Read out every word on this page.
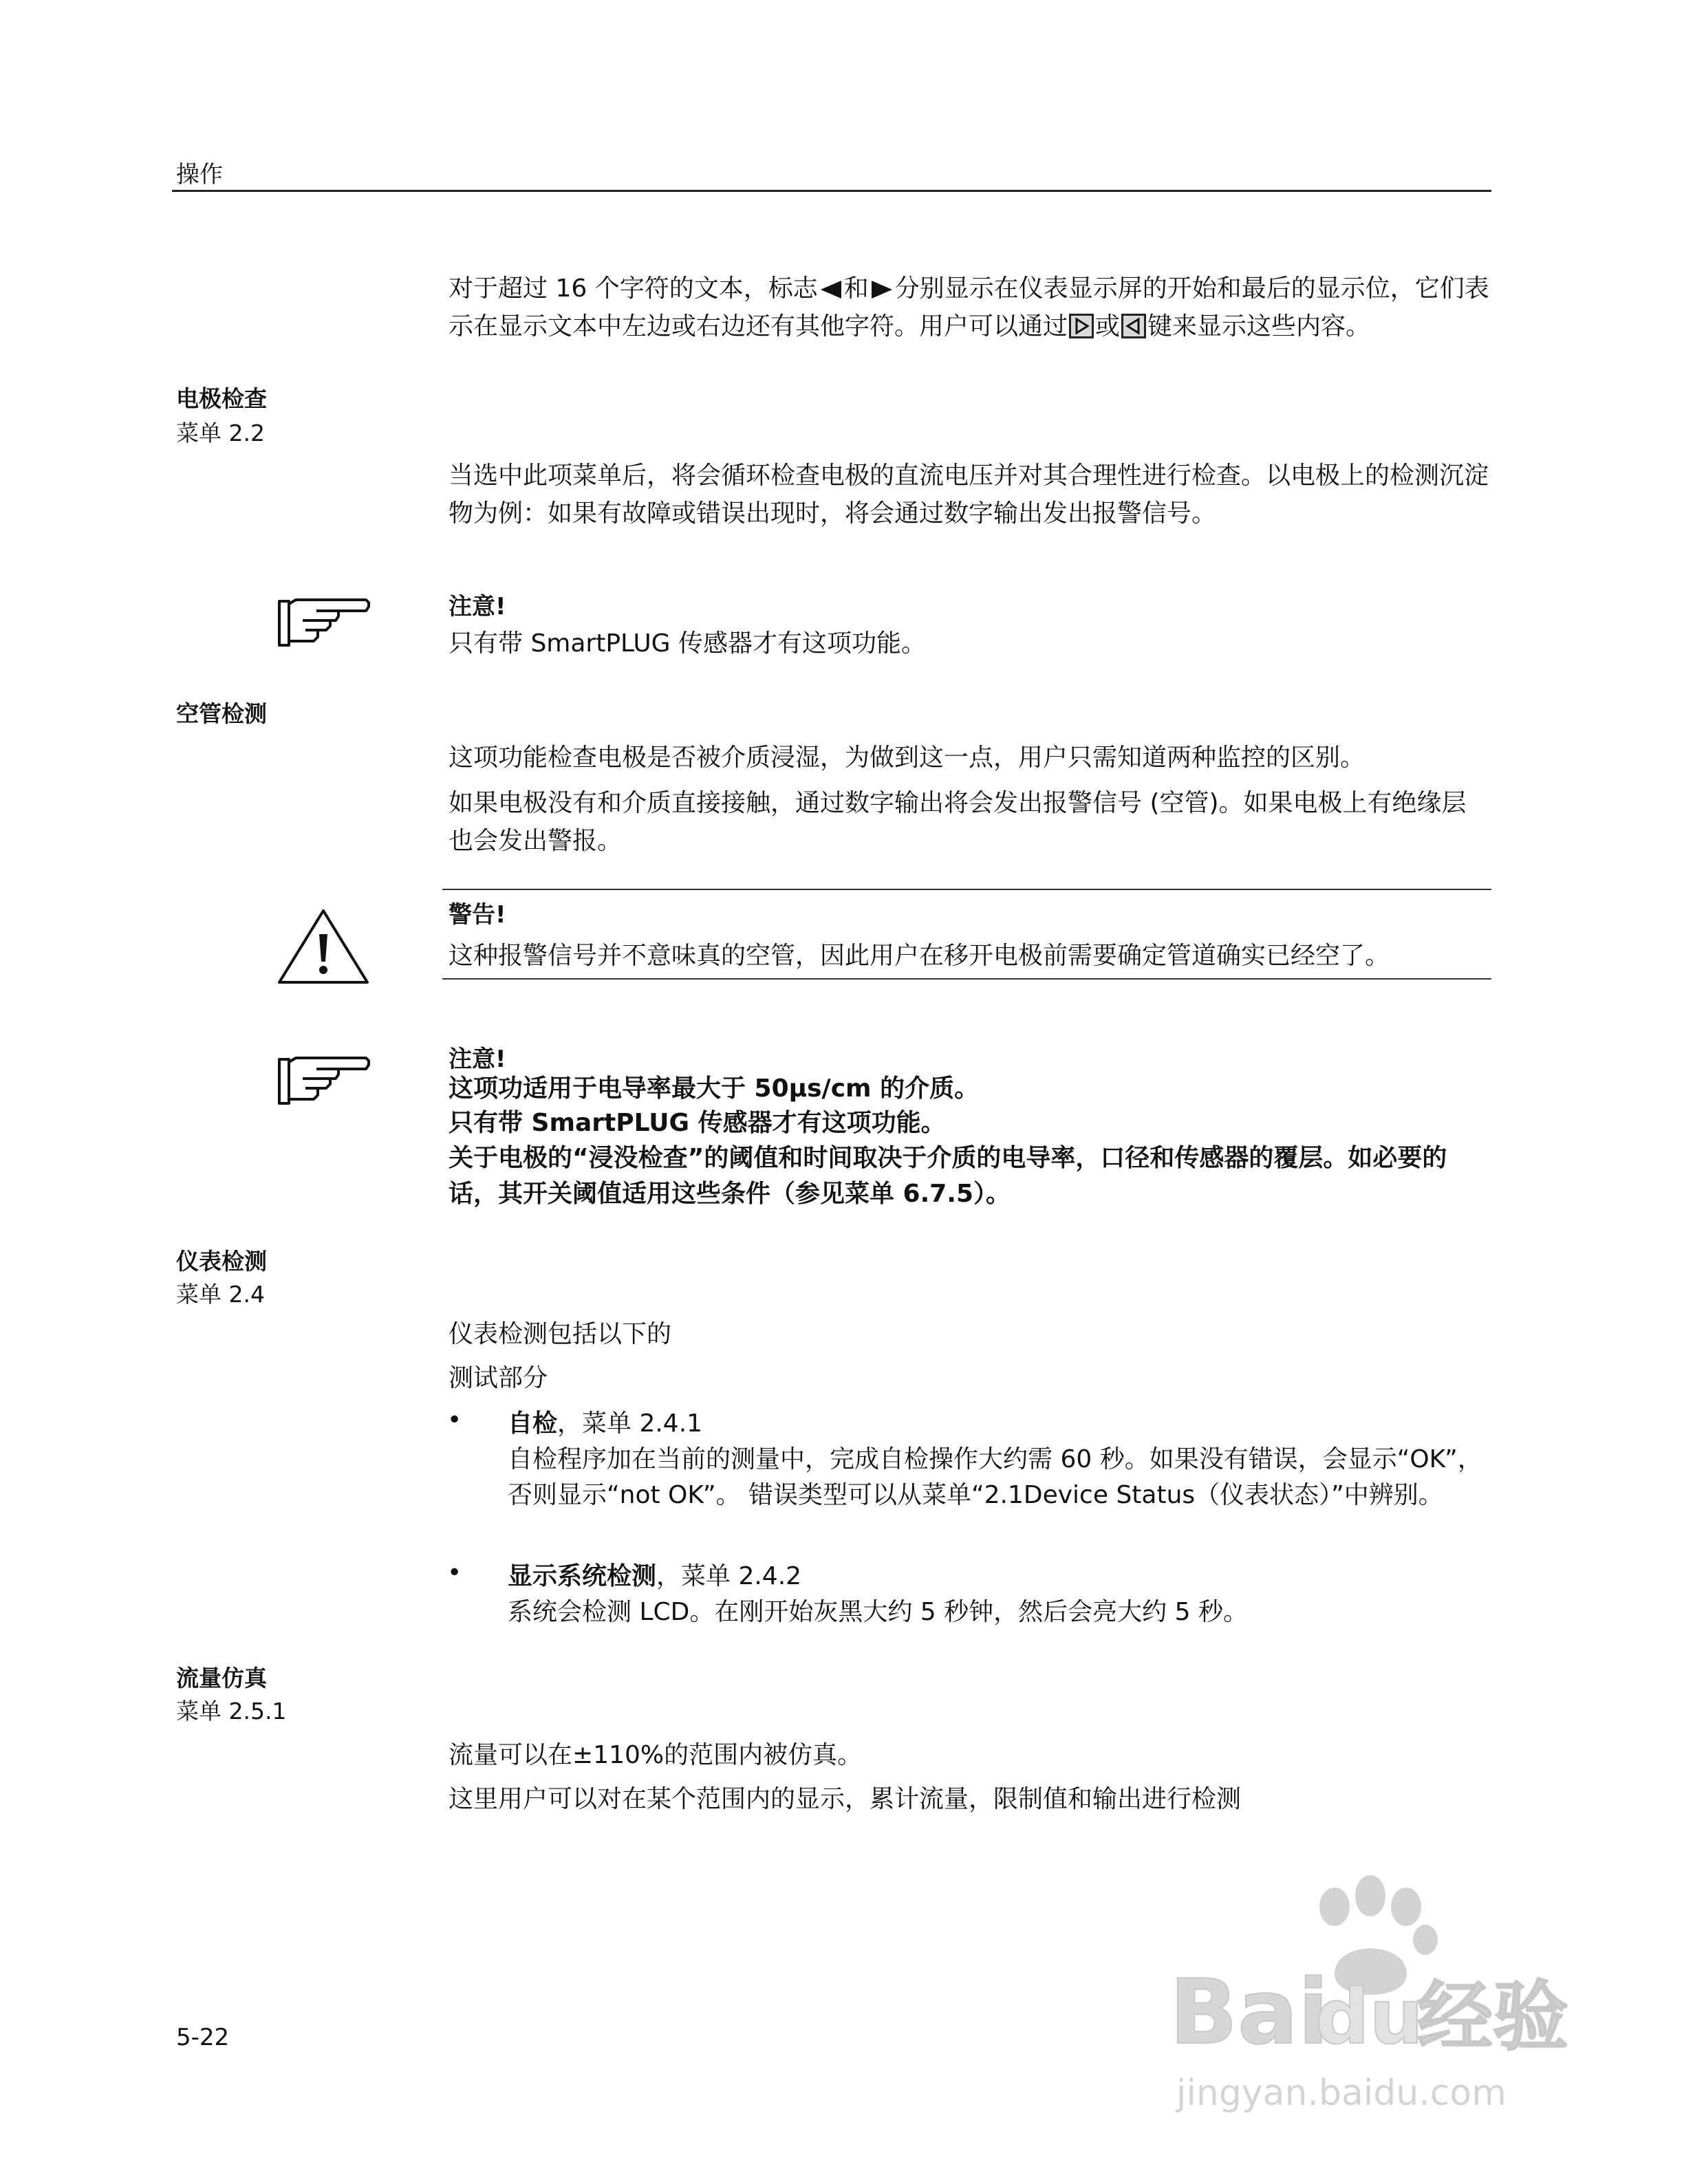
操作
对于超过 16 个字符的文本，标志 和 分别显示在仪表显示屏的开始和最后的显示位，它们表示在显示文本中左边或右边还有其他字符。用户可以通过 或 键来显示这些内容。
电极检查
菜单 2.2
当选中此项菜单后，将会循环检查电极的直流电压并对其合理性进行检查。以电极上的检测沉淀物为例：如果有故障或错误出现时，将会通过数字输出发出报警信号。
注意!
只有带 SmartPLUG 传感器才有这项功能。
空管检测
这项功能检查电极是否被介质浸湿，为做到这一点，用户只需知道两种监控的区别。
如果电极没有和介质直接接触，通过数字输出将会发出报警信号 (空管)。如果电极上有绝缘层也会发出警报。
警告!
这种报警信号并不意味真的空管，因此用户在移开电极前需要确定管道确实已经空了。
注意!
这项功适用于电导率最大于 50µs/cm 的介质。
只有带 SmartPLUG 传感器才有这项功能。
关于电极的“浸没检查”的阈值和时间取决于介质的电导率，口径和传感器的覆层。如必要的话，其开关阈值适用这些条件（参见菜单 6.7.5）。
仪表检测
菜单 2.4
仪表检测包括以下的
测试部分
• 自检，菜单 2.4.1
自检程序加在当前的测量中，完成自检操作大约需 60 秒。如果没有错误，会显示“OK”， 否则显示“not OK”。 错误类型可以从菜单“2.1Device Status（仪表状态）”中辨别。
• 显示系统检测，菜单 2.4.2
系统会检测 LCD。在刚开始灰黑大约 5 秒钟，然后会亮大约 5 秒。
流量仿真
菜单 2.5.1
流量可以在±110%的范围内被仿真。
这里用户可以对在某个范围内的显示，累计流量，限制值和输出进行检测
5-22	Bai
du
经验
jingyan.baidu.com
